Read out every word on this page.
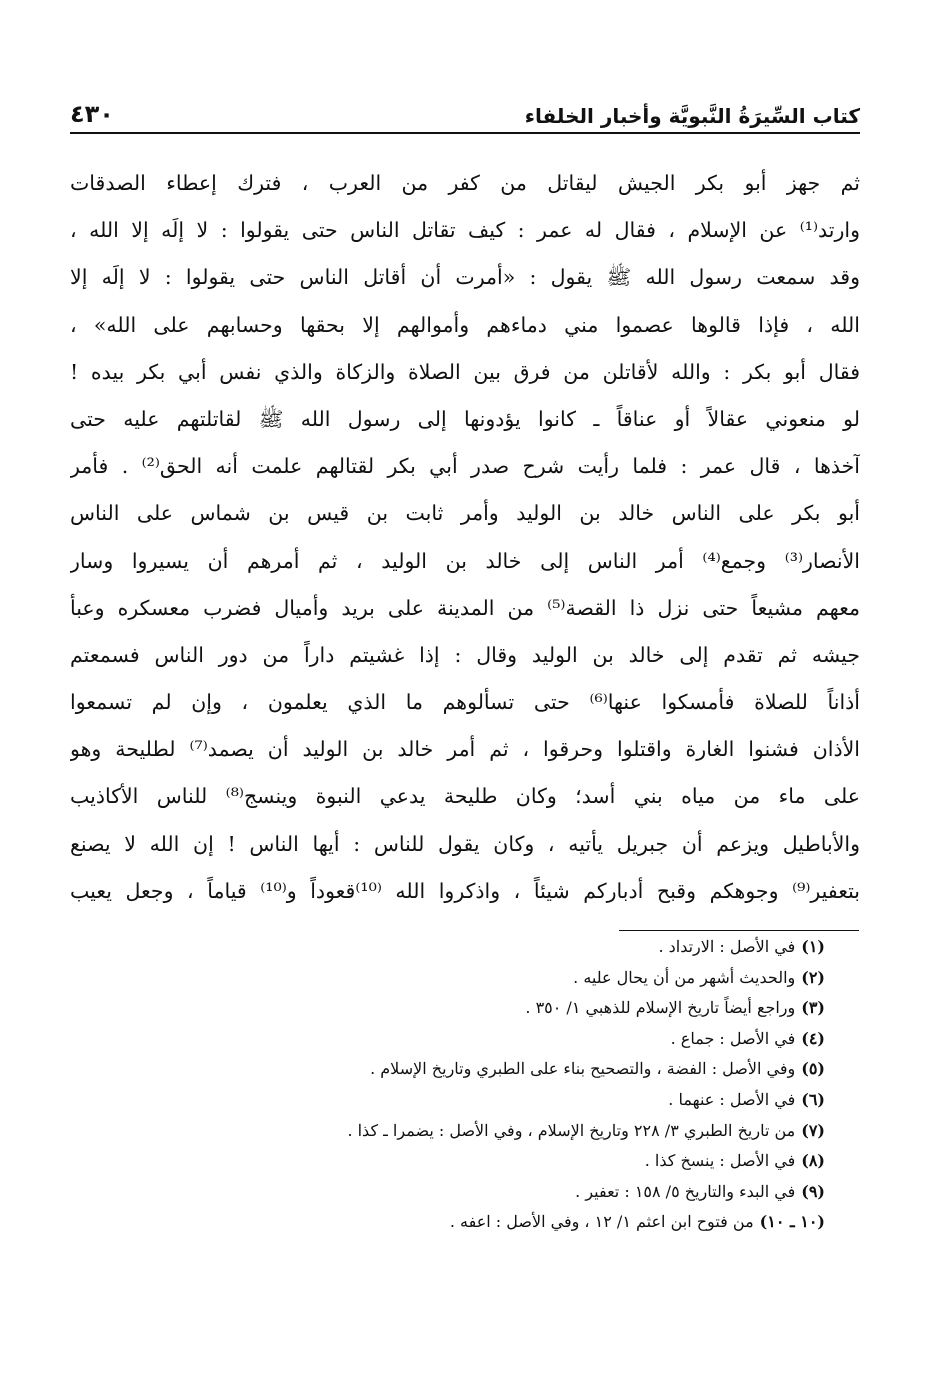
كتاب السِّيرَةُ النَّبويَّة وأخبار الخلفاء
٤٣٠
ثم جهز أبو بكر الجيش ليقاتل من كفر من العرب ، فترك إعطاء الصدقات
وارتد⁽¹⁾ عن الإسلام ، فقال له عمر : كيف تقاتل الناس حتى يقولوا : لا إلَه إلا الله ،
وقد سمعت رسول الله ﷺ يقول : «أمرت أن أقاتل الناس حتى يقولوا : لا إلَه إلا
الله ، فإذا قالوها عصموا مني دماءهم وأموالهم إلا بحقها وحسابهم على الله» ،
فقال أبو بكر : والله لأقاتلن من فرق بين الصلاة والزكاة والذي نفس أبي بكر بيده !
لو منعوني عقالاً أو عناقاً ـ كانوا يؤدونها إلى رسول الله ﷺ لقاتلتهم عليه حتى
آخذها ، قال عمر : فلما رأيت شرح صدر أبي بكر لقتالهم علمت أنه الحق⁽²⁾ . فأمر
أبو بكر على الناس خالد بن الوليد وأمر ثابت بن قيس بن شماس على الناس
الأنصار⁽³⁾ وجمع⁽⁴⁾ أمر الناس إلى خالد بن الوليد ، ثم أمرهم أن يسيروا وسار
معهم مشيعاً حتى نزل ذا القصة⁽⁵⁾ من المدينة على بريد وأميال فضرب معسكره وعبأ
جيشه ثم تقدم إلى خالد بن الوليد وقال : إذا غشيتم داراً من دور الناس فسمعتم
أذاناً للصلاة فأمسكوا عنها⁽⁶⁾ حتى تسألوهم ما الذي يعلمون ، وإن لم تسمعوا
الأذان فشنوا الغارة واقتلوا وحرقوا ، ثم أمر خالد بن الوليد أن يصمد⁽⁷⁾ لطليحة وهو
على ماء من مياه بني أسد؛ وكان طليحة يدعي النبوة وينسج⁽⁸⁾ للناس الأكاذيب
والأباطيل ويزعم أن جبريل يأتيه ، وكان يقول للناس : أيها الناس ! إن الله لا يصنع
بتعفير⁽⁹⁾ وجوهكم وقبح أدباركم شيئاً ، واذكروا الله ⁽¹⁰⁾قعوداً و⁽¹⁰⁾ قياماً ، وجعل يعيب
(١)في الأصل : الارتداد .
(٢)والحديث أشهر من أن يحال عليه .
(٣)وراجع أيضاً تاريخ الإسلام للذهبي ١/ ٣٥٠ .
(٤)في الأصل : جماع .
(٥)وفي الأصل : الفضة ، والتصحيح بناء على الطبري وتاريخ الإسلام .
(٦)في الأصل : عنهما .
(٧)من تاريخ الطبري ٣/ ٢٢٨ وتاريخ الإسلام ، وفي الأصل : يضمرا ـ كذا .
(٨)في الأصل : ينسخ كذا .
(٩)في البدء والتاريخ ٥/ ١٥٨ : تعفير .
(١٠ ـ ١٠)من فتوح ابن اعثم ١/ ١٢ ، وفي الأصل : اعفه .
